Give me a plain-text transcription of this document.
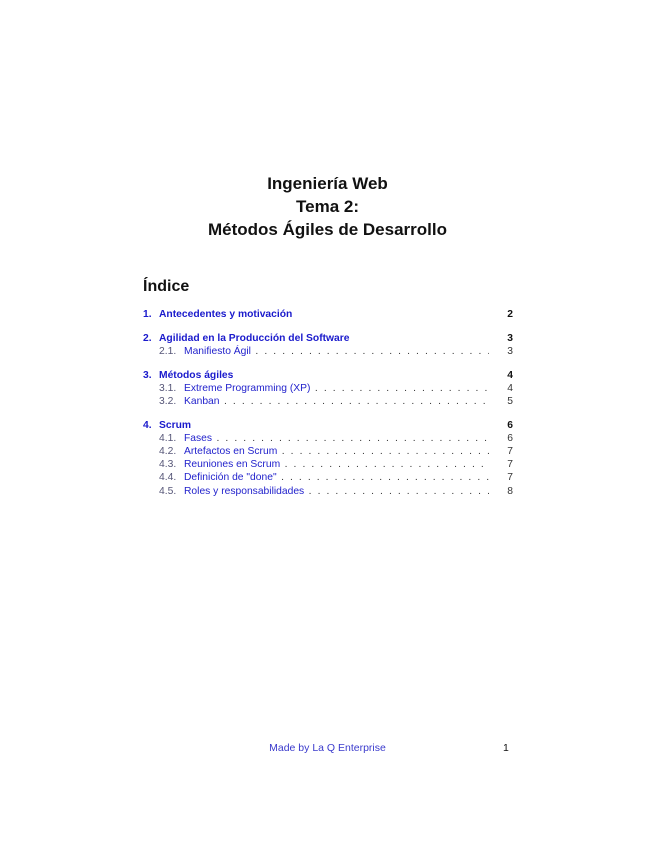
Ingeniería Web
Tema 2:
Métodos Ágiles de Desarrollo
Índice
1. Antecedentes y motivación	2
2. Agilidad en la Producción del Software	3
2.1. Manifiesto Ágil . . .	3
3. Métodos ágiles	4
3.1. Extreme Programming (XP) . . .	4
3.2. Kanban . . .	5
4. Scrum	6
4.1. Fases . . .	6
4.2. Artefactos en Scrum . . .	7
4.3. Reuniones en Scrum . . .	7
4.4. Definición de "done" . . .	7
4.5. Roles y responsabilidades . . .	8
Made by La Q Enterprise	1
